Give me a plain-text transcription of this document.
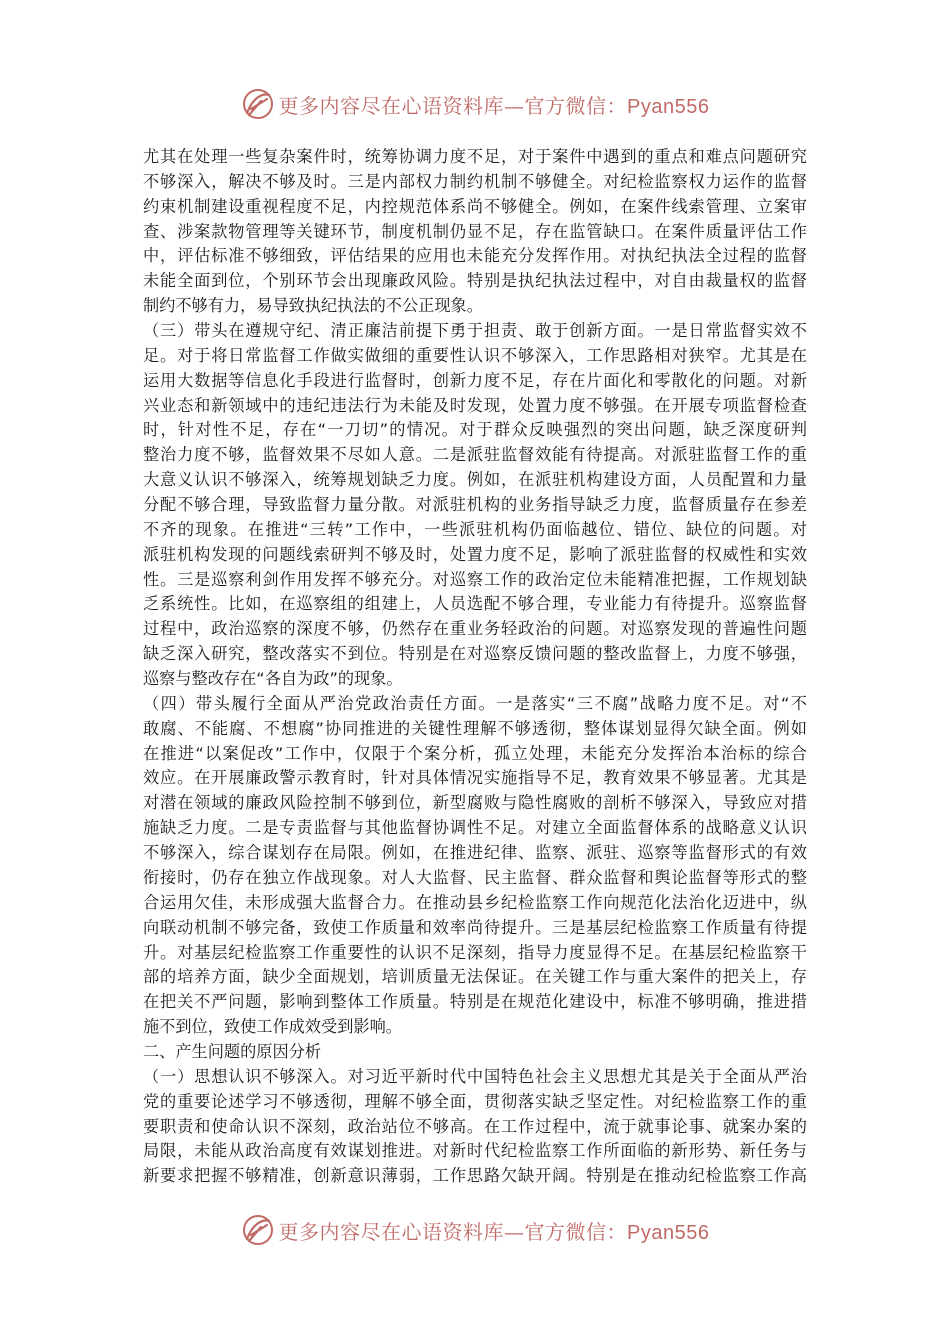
更多内容尽在心语资料库—官方微信：Pyan556
尤其在处理一些复杂案件时，统筹协调力度不足，对于案件中遇到的重点和难点问题研究
不够深入，解决不够及时。三是内部权力制约机制不够健全。对纪检监察权力运作的监督
约束机制建设重视程度不足，内控规范体系尚不够健全。例如，在案件线索管理、立案审
查、涉案款物管理等关键环节，制度机制仍显不足，存在监管缺口。在案件质量评估工作
中，评估标准不够细致，评估结果的应用也未能充分发挥作用。对执纪执法全过程的监督
未能全面到位，个别环节会出现廉政风险。特别是执纪执法过程中，对自由裁量权的监督
制约不够有力，易导致执纪执法的不公正现象。
（三）带头在遵规守纪、清正廉洁前提下勇于担责、敢于创新方面。一是日常监督实效不
足。对于将日常监督工作做实做细的重要性认识不够深入，工作思路相对狭窄。尤其是在
运用大数据等信息化手段进行监督时，创新力度不足，存在片面化和零散化的问题。对新
兴业态和新领域中的违纪违法行为未能及时发现，处置力度不够强。在开展专项监督检查
时，针对性不足，存在“一刀切”的情况。对于群众反映强烈的突出问题，缺乏深度研判
整治力度不够，监督效果不尽如人意。二是派驻监督效能有待提高。对派驻监督工作的重
大意义认识不够深入，统筹规划缺乏力度。例如，在派驻机构建设方面，人员配置和力量
分配不够合理，导致监督力量分散。对派驻机构的业务指导缺乏力度，监督质量存在参差
不齐的现象。在推进“三转”工作中，一些派驻机构仍面临越位、错位、缺位的问题。对
派驻机构发现的问题线索研判不够及时，处置力度不足，影响了派驻监督的权威性和实效
性。三是巡察利剑作用发挥不够充分。对巡察工作的政治定位未能精准把握，工作规划缺
乏系统性。比如，在巡察组的组建上，人员选配不够合理，专业能力有待提升。巡察监督
过程中，政治巡察的深度不够，仍然存在重业务轻政治的问题。对巡察发现的普遍性问题
缺乏深入研究，整改落实不到位。特别是在对巡察反馈问题的整改监督上，力度不够强，
巡察与整改存在“各自为政”的现象。
（四）带头履行全面从严治党政治责任方面。一是落实“三不腐”战略力度不足。对“不
敢腐、不能腐、不想腐”协同推进的关键性理解不够透彻，整体谋划显得欠缺全面。例如
在推进“以案促改”工作中，仅限于个案分析，孤立处理，未能充分发挥治本治标的综合
效应。在开展廉政警示教育时，针对具体情况实施指导不足，教育效果不够显著。尤其是
对潜在领域的廉政风险控制不够到位，新型腐败与隐性腐败的剖析不够深入，导致应对措
施缺乏力度。二是专责监督与其他监督协调性不足。对建立全面监督体系的战略意义认识
不够深入，综合谋划存在局限。例如，在推进纪律、监察、派驻、巡察等监督形式的有效
衔接时，仍存在独立作战现象。对人大监督、民主监督、群众监督和舆论监督等形式的整
合运用欠佳，未形成强大监督合力。在推动县乡纪检监察工作向规范化法治化迈进中，纵
向联动机制不够完备，致使工作质量和效率尚待提升。三是基层纪检监察工作质量有待提
升。对基层纪检监察工作重要性的认识不足深刻，指导力度显得不足。在基层纪检监察干
部的培养方面，缺少全面规划，培训质量无法保证。在关键工作与重大案件的把关上，存
在把关不严问题，影响到整体工作质量。特别是在规范化建设中，标准不够明确，推进措
施不到位，致使工作成效受到影响。
二、产生问题的原因分析
（一）思想认识不够深入。对习近平新时代中国特色社会主义思想尤其是关于全面从严治
党的重要论述学习不够透彻，理解不够全面，贯彻落实缺乏坚定性。对纪检监察工作的重
要职责和使命认识不深刻，政治站位不够高。在工作过程中，流于就事论事、就案办案的
局限，未能从政治高度有效谋划推进。对新时代纪检监察工作所面临的新形势、新任务与
新要求把握不够精准，创新意识薄弱，工作思路欠缺开阔。特别是在推动纪检监察工作高
更多内容尽在心语资料库—官方微信：Pyan556
